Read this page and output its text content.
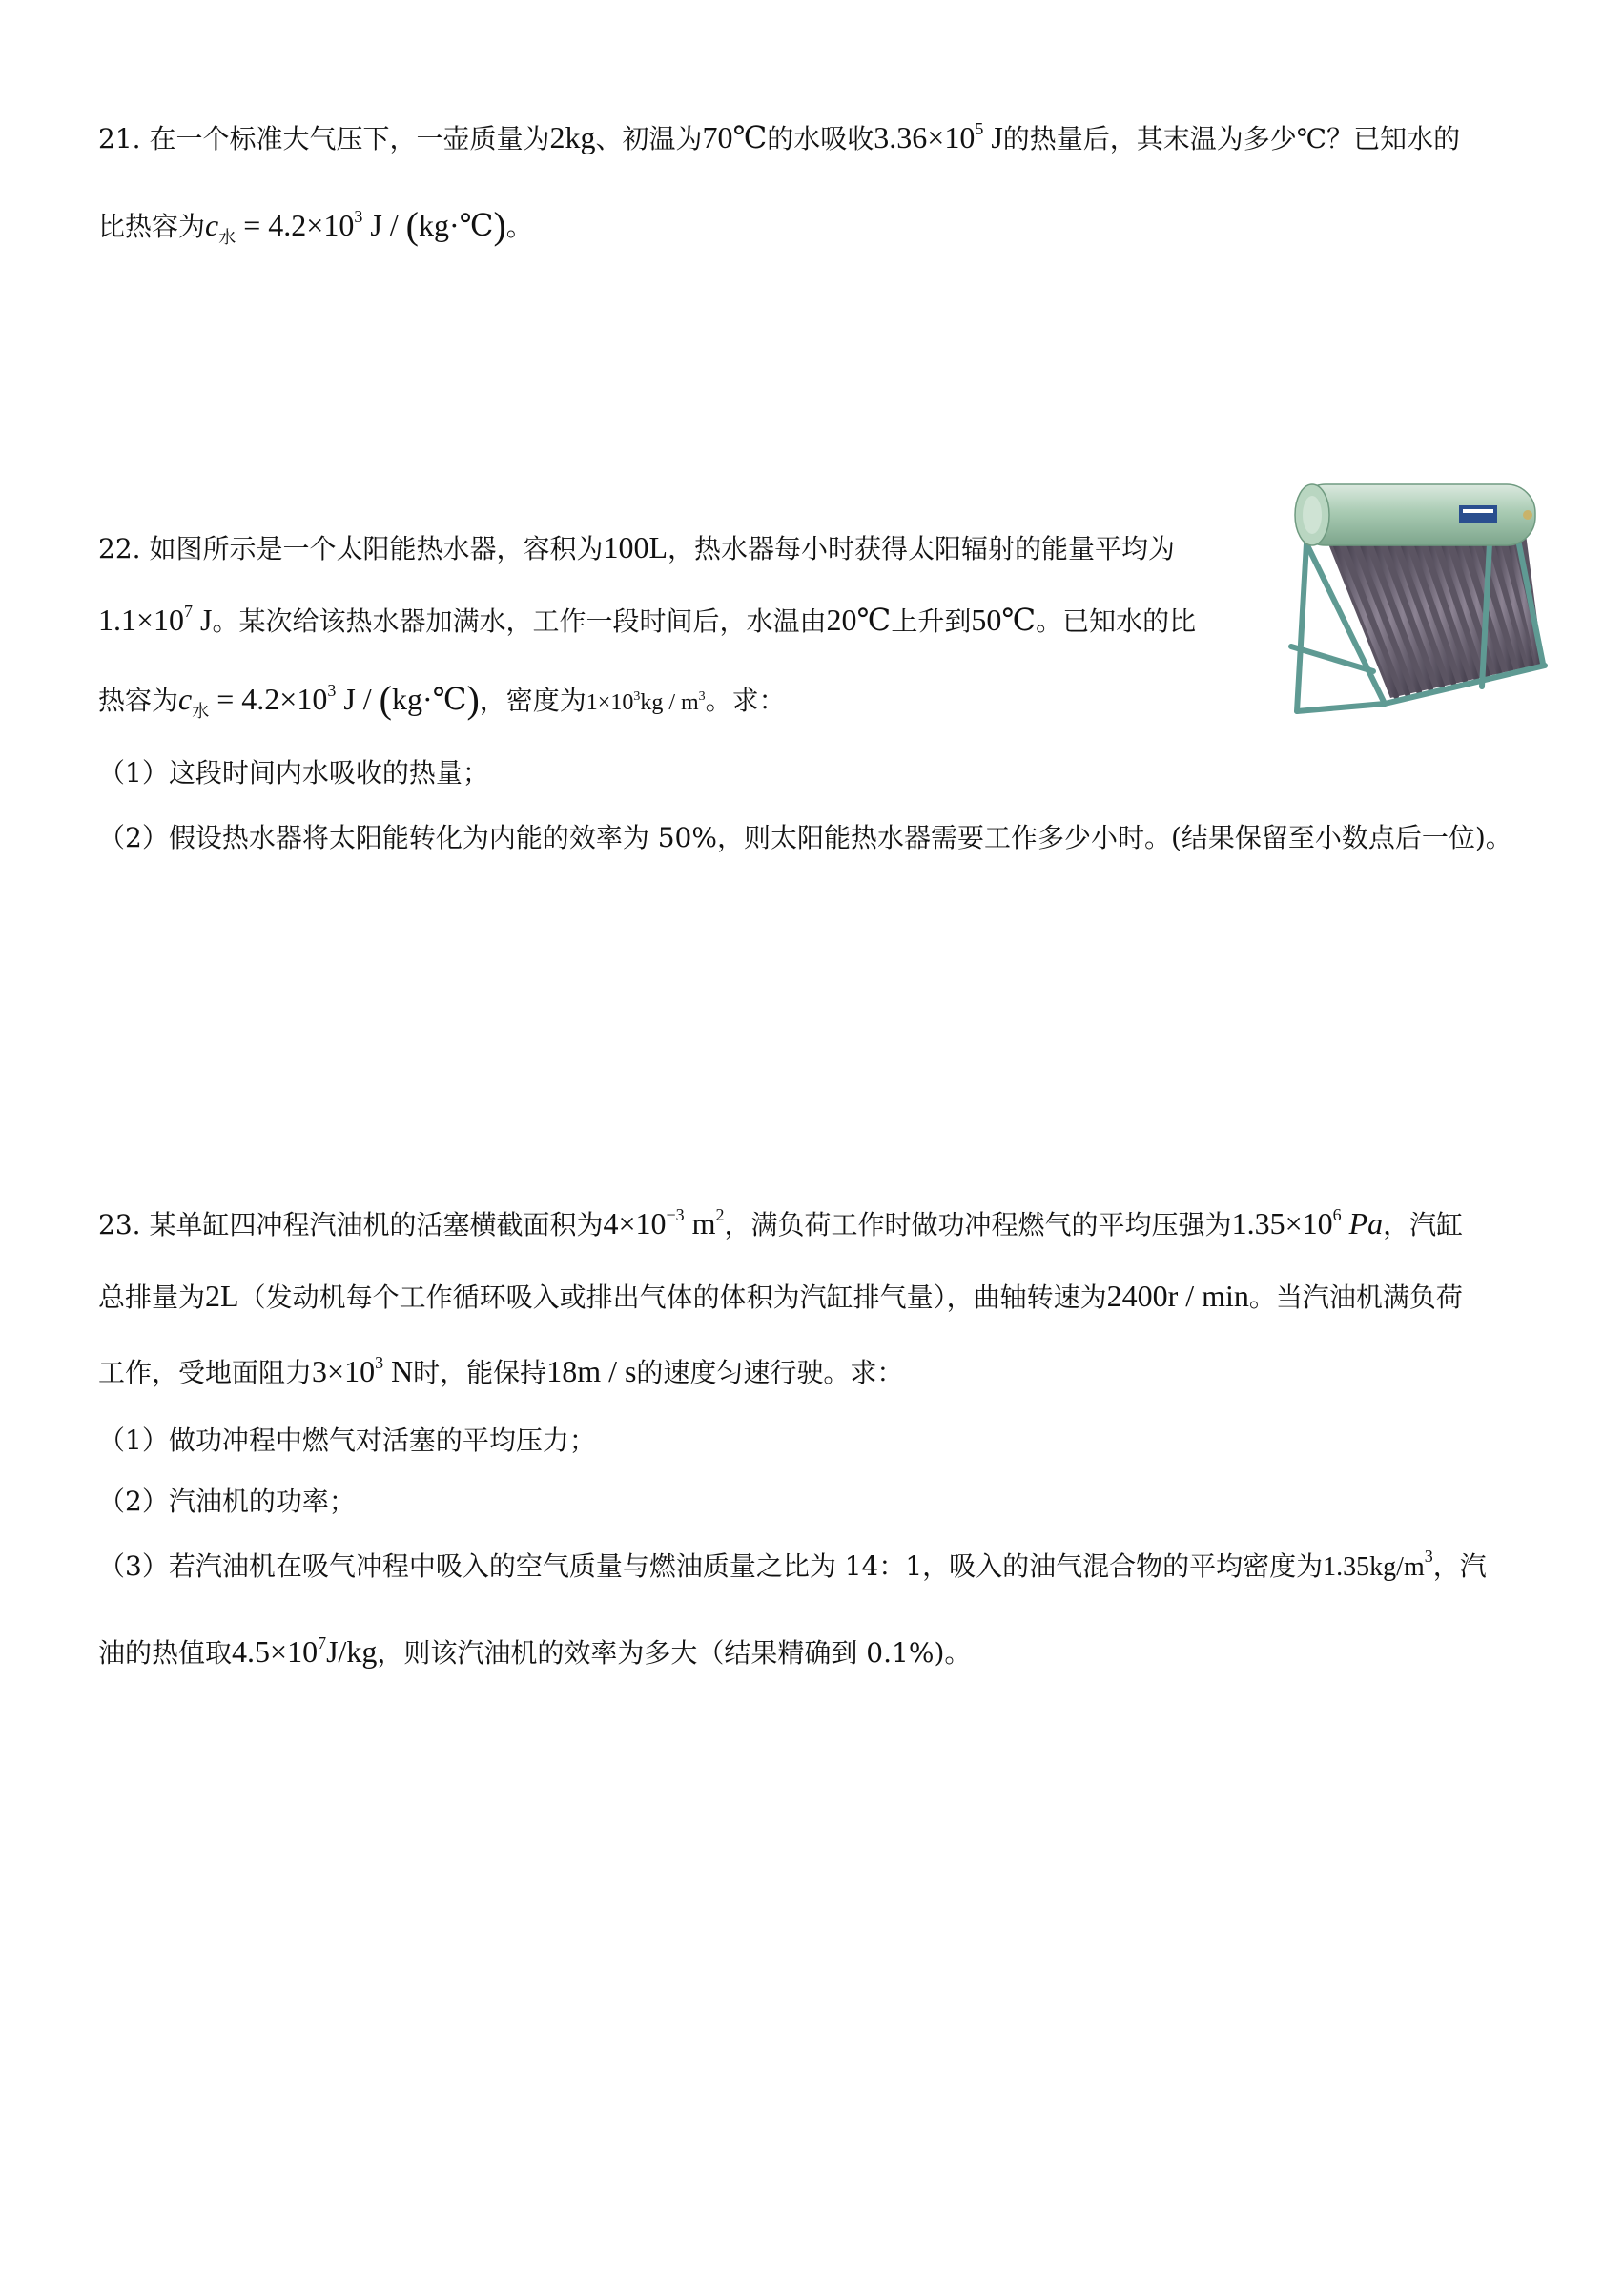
21. 在一个标准大气压下，一壶质量为2kg、初温为70℃的水吸收$3.36\times 10^5$ J的热量后，其末温为多少℃？已知水的
比热容为$c_水 = 4.2\times 10^3$ J / (kg·℃)。
22. 如图所示是一个太阳能热水器，容积为100L，热水器每小时获得太阳辐射的能量平均为
$1.1\times 10^7$ J。某次给该热水器加满水，工作一段时间后，水温由20℃上升到50℃。已知水的比
热容为$c_水 = 4.2\times 10^3$ J / (kg·℃)，密度为$1\times 10^3kg / m^3$。求：
（1）这段时间内水吸收的热量；
（2）假设热水器将太阳能转化为内能的效率为 50%，则太阳能热水器需要工作多少小时。(结果保留至小数点后一位)。
23. 某单缸四冲程汽油机的活塞横截面积为$4\times 10^{-3}$ $m^2$，满负荷工作时做功冲程燃气的平均压强为$1.35\times 10^6$ Pa，汽缸
总排量为2L（发动机每个工作循环吸入或排出气体的体积为汽缸排气量），曲轴转速为2400r / min。当汽油机满负荷
工作，受地面阻力$3\times 10^3$ N时，能保持18m / s的速度匀速行驶。求：
（1）做功冲程中燃气对活塞的平均压力；
（2）汽油机的功率；
（3）若汽油机在吸气冲程中吸入的空气质量与燃油质量之比为 14：1，吸入的油气混合物的平均密度为$1.35kg/m^3$，汽
油的热值取$4.5\times 10^7J/kg$，则该汽油机的效率为多大（结果精确到 0.1%)。
